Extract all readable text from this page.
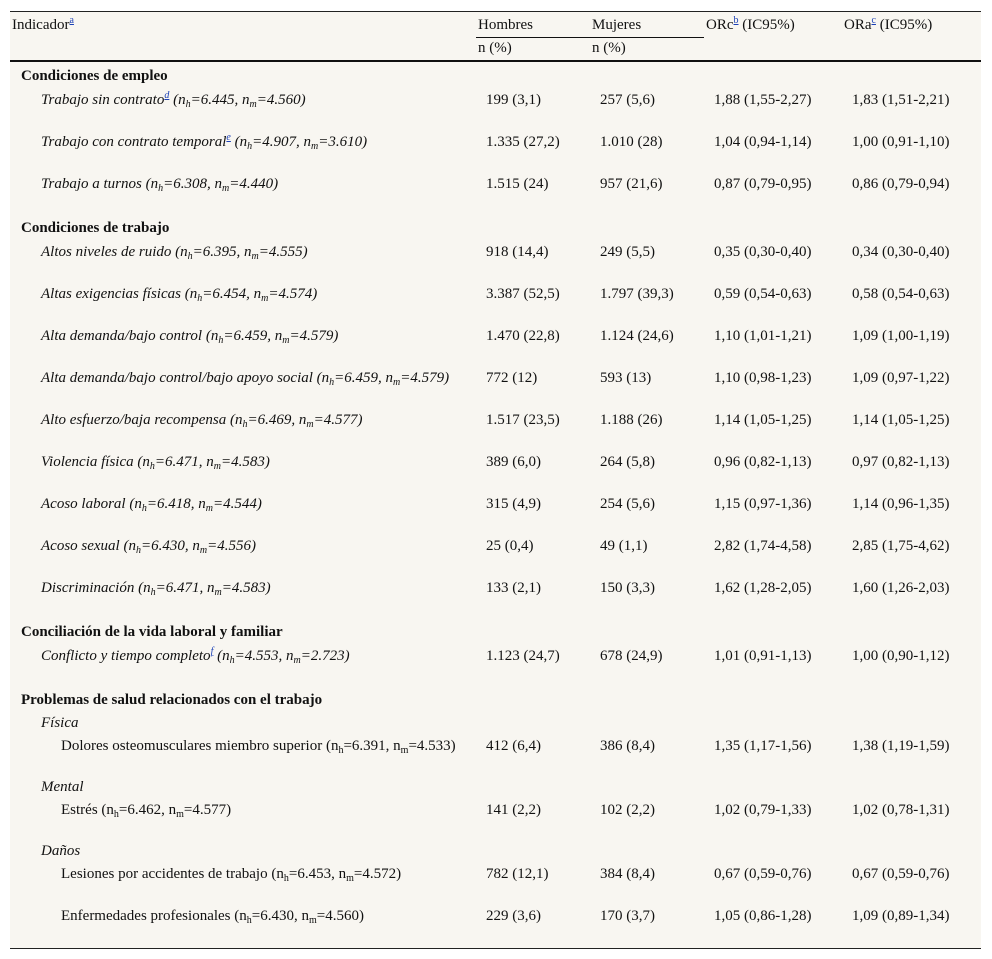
Indicador$^a$	Hombres	Mujeres	ORc$^b$ (IC95%)	ORa$^c$ (IC95%)
	n (%)	n (%)		
Condiciones de empleo				
Trabajo sin contrato$^d$ ($n_h=6.445$, $n_m=4.560$)	199 (3,1)	257 (5,6)	1,88 (1,55-2,27)	1,83 (1,51-2,21)
Trabajo con contrato temporal$^e$ ($n_h=4.907$, $n_m=3.610$)	1.335 (27,2)	1.010 (28)	1,04 (0,94-1,14)	1,00 (0,91-1,10)
Trabajo a turnos ($n_h=6.308$, $n_m=4.440$)	1.515 (24)	957 (21,6)	0,87 (0,79-0,95)	0,86 (0,79-0,94)
Condiciones de trabajo				
Altos niveles de ruido ($n_h=6.395$, $n_m=4.555$)	918 (14,4)	249 (5,5)	0,35 (0,30-0,40)	0,34 (0,30-0,40)
Altas exigencias físicas ($n_h=6.454$, $n_m=4.574$)	3.387 (52,5)	1.797 (39,3)	0,59 (0,54-0,63)	0,58 (0,54-0,63)
Alta demanda/bajo control ($n_h=6.459$, $n_m=4.579$)	1.470 (22,8)	1.124 (24,6)	1,10 (1,01-1,21)	1,09 (1,00-1,19)
Alta demanda/bajo control/bajo apoyo social ($n_h=6.459$, $n_m=4.579$)	772 (12)	593 (13)	1,10 (0,98-1,23)	1,09 (0,97-1,22)
Alto esfuerzo/baja recompensa ($n_h=6.469$, $n_m=4.577$)	1.517 (23,5)	1.188 (26)	1,14 (1,05-1,25)	1,14 (1,05-1,25)
Violencia física ($n_h=6.471$, $n_m=4.583$)	389 (6,0)	264 (5,8)	0,96 (0,82-1,13)	0,97 (0,82-1,13)
Acoso laboral ($n_h=6.418$, $n_m=4.544$)	315 (4,9)	254 (5,6)	1,15 (0,97-1,36)	1,14 (0,96-1,35)
Acoso sexual ($n_h=6.430$, $n_m=4.556$)	25 (0,4)	49 (1,1)	2,82 (1,74-4,58)	2,85 (1,75-4,62)
Discriminación ($n_h=6.471$, $n_m=4.583$)	133 (2,1)	150 (3,3)	1,62 (1,28-2,05)	1,60 (1,26-2,03)
Conciliación de la vida laboral y familiar				
Conflicto y tiempo completo$^f$ ($n_h=4.553$, $n_m=2.723$)	1.123 (24,7)	678 (24,9)	1,01 (0,91-1,13)	1,00 (0,90-1,12)
Problemas de salud relacionados con el trabajo				
Física				
Dolores osteomusculares miembro superior ($n_h=6.391$, $n_m=4.533$)	412 (6,4)	386 (8,4)	1,35 (1,17-1,56)	1,38 (1,19-1,59)
Mental				
Estrés ($n_h=6.462$, $n_m=4.577$)	141 (2,2)	102 (2,2)	1,02 (0,79-1,33)	1,02 (0,78-1,31)
Daños				
Lesiones por accidentes de trabajo ($n_h=6.453$, $n_m=4.572$)	782 (12,1)	384 (8,4)	0,67 (0,59-0,76)	0,67 (0,59-0,76)
Enfermedades profesionales ($n_h=6.430$, $n_m=4.560$)	229 (3,6)	170 (3,7)	1,05 (0,86-1,28)	1,09 (0,89-1,34)
